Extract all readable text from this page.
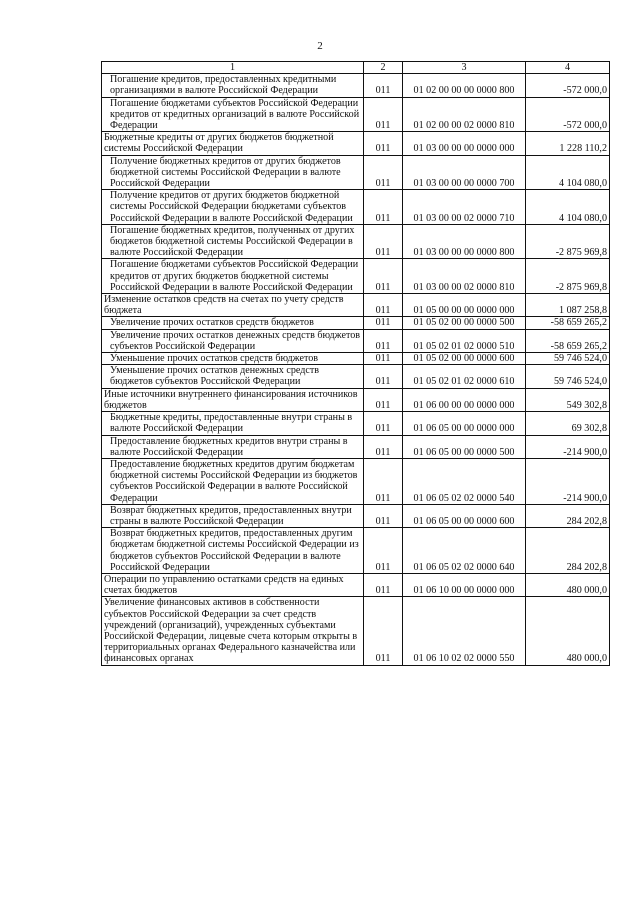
2
1	2	3	4
Погашение кредитов, предоставленных кредитными организациями в валюте Российской Федерации	011	01 02 00 00 00 0000 800	-572 000,0
Погашение бюджетами субъектов Российской Федерации кредитов от кредитных организаций в валюте Российской Федерации	011	01 02 00 00 02 0000 810	-572 000,0
Бюджетные кредиты от других бюджетов бюджетной системы Российской Федерации	011	01 03 00 00 00 0000 000	1 228 110,2
Получение бюджетных кредитов от других бюджетов бюджетной системы Российской Федерации в валюте Российской Федерации	011	01 03 00 00 00 0000 700	4 104 080,0
Получение кредитов от других бюджетов бюджетной системы Российской Федерации бюджетами субъектов Российской Федерации в валюте Российской Федерации	011	01 03 00 00 02 0000 710	4 104 080,0
Погашение бюджетных кредитов, полученных от других бюджетов бюджетной системы Российской Федерации в валюте Российской Федерации	011	01 03 00 00 00 0000 800	-2 875 969,8
Погашение бюджетами субъектов Российской Федерации кредитов от других бюджетов бюджетной системы Российской Федерации в валюте Российской Федерации	011	01 03 00 00 02 0000 810	-2 875 969,8
Изменение остатков средств на счетах по учету средств бюджета	011	01 05 00 00 00 0000 000	1 087 258,8
Увеличение прочих остатков средств бюджетов	011	01 05 02 00 00 0000 500	-58 659 265,2
Увеличение прочих остатков денежных средств бюджетов субъектов Российской Федерации	011	01 05 02 01 02 0000 510	-58 659 265,2
Уменьшение прочих остатков средств бюджетов	011	01 05 02 00 00 0000 600	59 746 524,0
Уменьшение прочих остатков денежных средств бюджетов субъектов Российской Федерации	011	01 05 02 01 02 0000 610	59 746 524,0
Иные источники внутреннего финансирования источников бюджетов	011	01 06 00 00 00 0000 000	549 302,8
Бюджетные кредиты, предоставленные внутри страны в валюте Российской Федерации	011	01 06 05 00 00 0000 000	69 302,8
Предоставление бюджетных кредитов внутри страны в валюте Российской Федерации	011	01 06 05 00 00 0000 500	-214 900,0
Предоставление бюджетных кредитов другим бюджетам бюджетной системы Российской Федерации из бюджетов субъектов Российской Федерации в валюте Российской Федерации	011	01 06 05 02 02 0000 540	-214 900,0
Возврат бюджетных кредитов, предоставленных внутри страны в валюте Российской Федерации	011	01 06 05 00 00 0000 600	284 202,8
Возврат бюджетных кредитов, предоставленных другим бюджетам бюджетной системы Российской Федерации из бюджетов субъектов Российской Федерации в валюте Российской Федерации	011	01 06 05 02 02 0000 640	284 202,8
Операции по управлению остатками средств на единых счетах бюджетов	011	01 06 10 00 00 0000 000	480 000,0
Увеличение финансовых активов в собственности субъектов Российской Федерации за счет средств учреждений (организаций), учрежденных субъектами Российской Федерации, лицевые счета которым открыты в территориальных органах Федерального казначейства или финансовых органах	011	01 06 10 02 02 0000 550	480 000,0
